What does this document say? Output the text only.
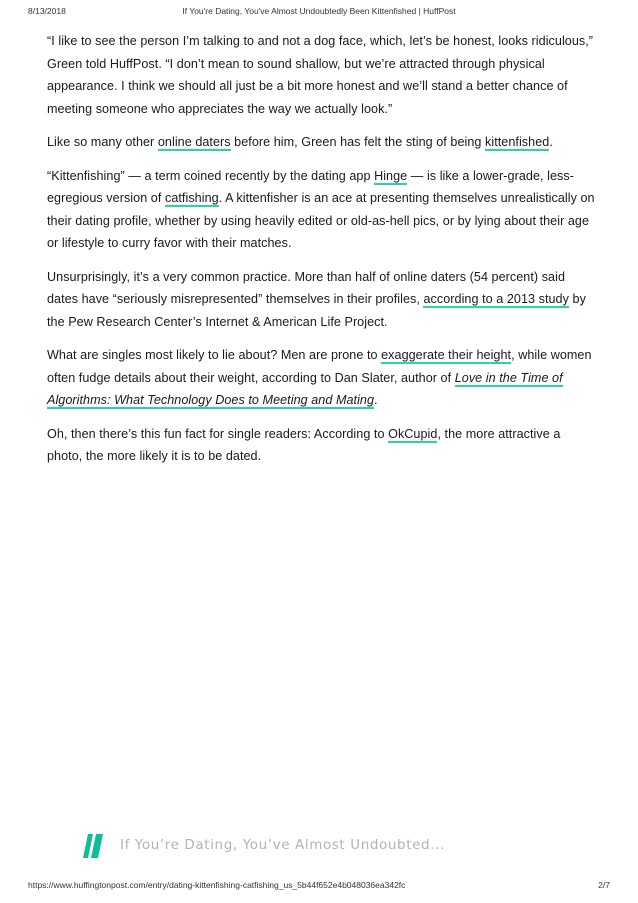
8/13/2018	If You're Dating, You've Almost Undoubtedly Been Kittenfished | HuffPost

“I like to see the person I’m talking to and not a dog face, which, let’s be honest, looks ridiculous,” Green told HuffPost. “I don’t mean to sound shallow, but we’re attracted through physical appearance. I think we should all just be a bit more honest and we’ll stand a better chance of meeting someone who appreciates the way we actually look.”

Like so many other online daters before him, Green has felt the sting of being kittenfished.

“Kittenfishing” — a term coined recently by the dating app Hinge — is like a lower-grade, less-egregious version of catfishing. A kittenfisher is an ace at presenting themselves unrealistically on their dating profile, whether by using heavily edited or old-as-hell pics, or by lying about their age or lifestyle to curry favor with their matches.

Unsurprisingly, it’s a very common practice. More than half of online daters (54 percent) said dates have “seriously misrepresented” themselves in their profiles, according to a 2013 study by the Pew Research Center’s Internet & American Life Project.

What are singles most likely to lie about? Men are prone to exaggerate their height, while women often fudge details about their weight, according to Dan Slater, author of Love in the Time of Algorithms: What Technology Does to Meeting and Mating.

Oh, then there’s this fun fact for single readers: According to OkCupid, the more attractive a photo, the more likely it is to be dated.

If You’re Dating, You’ve Almost Undoubted...
https://www.huffingtonpost.com/entry/dating-kittenfishing-catfishing_us_5b44f652e4b048036ea342fc	2/7
